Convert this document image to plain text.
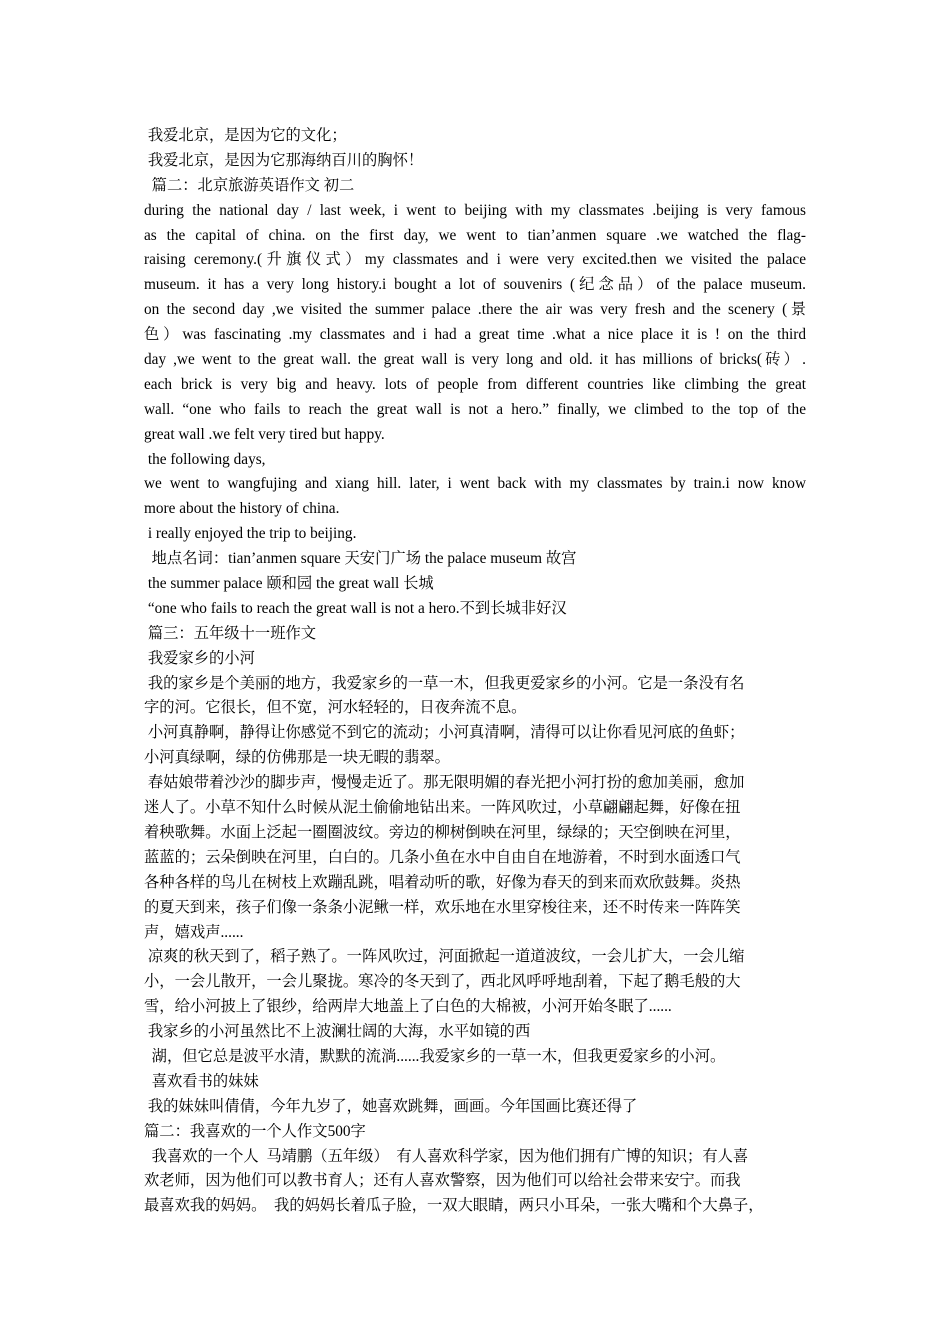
我爱北京，是因为它的文化；
我爱北京，是因为它那海纳百川的胸怀！
篇二：北京旅游英语作文 初二
during the national day / last week, i went to beijing with my classmates .beijing is very famous
as the capital of china. on the first day, we went to tian’anmen square .we watched the flag-
raising ceremony.(升旗仪式）my classmates and i were very excited.then we visited the palace
museum. it has a very long history.i bought a lot of souvenirs (纪念品）of the palace museum.
on the second day ,we visited the summer palace .there the air was very fresh and the scenery (景
色）was fascinating .my classmates and i had a great time .what a nice place it is ! on the third
day ,we went to the great wall. the great wall is very long and old. it has millions of bricks(砖）.
each brick is very big and heavy. lots of people from different countries like climbing the great
wall. “one who fails to reach the great wall is not a hero.” finally, we climbed to the top of the
great wall .we felt very tired but happy.
the following days,
we went to wangfujing and xiang hill. later, i went back with my classmates by train.i now know
more about the history of china.
i really enjoyed the trip to beijing.
地点名词：tian’anmen square 天安门广场 the palace museum 故宫
the summer palace 颐和园 the great wall 长城
“one who fails to reach the great wall is not a hero.不到长城非好汉
篇三：五年级十一班作文
我爱家乡的小河
我的家乡是个美丽的地方，我爱家乡的一草一木，但我更爱家乡的小河。它是一条没有名
字的河。它很长，但不宽，河水轻轻的，日夜奔流不息。
小河真静啊，静得让你感觉不到它的流动；小河真清啊，清得可以让你看见河底的鱼虾；
小河真绿啊，绿的仿佛那是一块无暇的翡翠。
春姑娘带着沙沙的脚步声，慢慢走近了。那无限明媚的春光把小河打扮的愈加美丽，愈加
迷人了。小草不知什么时候从泥土偷偷地钻出来。一阵风吹过，小草翩翩起舞，好像在扭
着秧歌舞。水面上泛起一圈圈波纹。旁边的柳树倒映在河里，绿绿的；天空倒映在河里，
蓝蓝的；云朵倒映在河里，白白的。几条小鱼在水中自由自在地游着，不时到水面透口气
各种各样的鸟儿在树枝上欢蹦乱跳，唱着动听的歌，好像为春天的到来而欢欣鼓舞。炎热
的夏天到来，孩子们像一条条小泥鳅一样，欢乐地在水里穿梭往来，还不时传来一阵阵笑
声，嬉戏声......
凉爽的秋天到了，稻子熟了。一阵风吹过，河面掀起一道道波纹，一会儿扩大，一会儿缩
小，一会儿散开，一会儿聚拢。寒冷的冬天到了，西北风呼呼地刮着，下起了鹅毛般的大
雪，给小河披上了银纱，给两岸大地盖上了白色的大棉被，小河开始冬眠了......
我家乡的小河虽然比不上波澜壮阔的大海，水平如镜的西
湖，但它总是波平水清，默默的流淌......我爱家乡的一草一木，但我更爱家乡的小河。
喜欢看书的妹妹
我的妹妹叫倩倩，今年九岁了，她喜欢跳舞，画画。今年国画比赛还得了
篇二：我喜欢的一个人作文500字
我喜欢的一个人  马靖鹏（五年级）  有人喜欢科学家，因为他们拥有广博的知识；有人喜
欢老师，因为他们可以教书育人；还有人喜欢警察，因为他们可以给社会带来安宁。而我
最喜欢我的妈妈。  我的妈妈长着瓜子脸，一双大眼睛，两只小耳朵，一张大嘴和个大鼻子，
